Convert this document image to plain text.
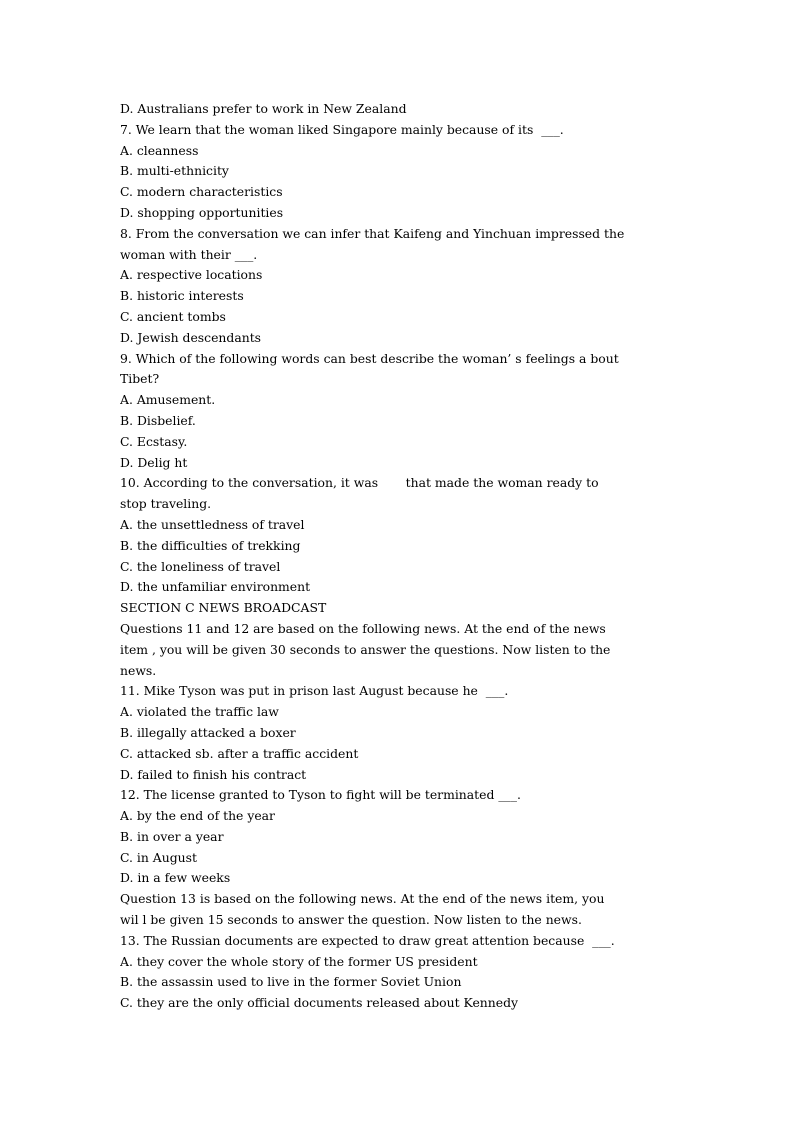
D. Australians prefer to work in New Zealand
7. We learn that the woman liked Singapore mainly because of its  ___.
A. cleanness
B. multi-ethnicity
C. modern characteristics
D. shopping opportunities
8. From the conversation we can infer that Kaifeng and Yinchuan impressed the
woman with their ___.
A. respective locations
B. historic interests
C. ancient tombs
D. Jewish descendants
9. Which of the following words can best describe the woman’ s feelings a bout
Tibet?
A. Amusement.
B. Disbelief.
C. Ecstasy.
D. Delig ht
10. According to the conversation, it was       that made the woman ready to
stop traveling.
A. the unsettledness of travel
B. the difficulties of trekking
C. the loneliness of travel
D. the unfamiliar environment
SECTION C NEWS BROADCAST
Questions 11 and 12 are based on the following news. At the end of the news
item , you will be given 30 seconds to answer the questions. Now listen to the
news.
11. Mike Tyson was put in prison last August because he  ___.
A. violated the traffic law
B. illegally attacked a boxer
C. attacked sb. after a traffic accident
D. failed to finish his contract
12. The license granted to Tyson to fight will be terminated ___.
A. by the end of the year
B. in over a year
C. in August
D. in a few weeks
Question 13 is based on the following news. At the end of the news item, you
wil l be given 15 seconds to answer the question. Now listen to the news.
13. The Russian documents are expected to draw great attention because  ___.
A. they cover the whole story of the former US president
B. the assassin used to live in the former Soviet Union
C. they are the only official documents released about Kennedy
